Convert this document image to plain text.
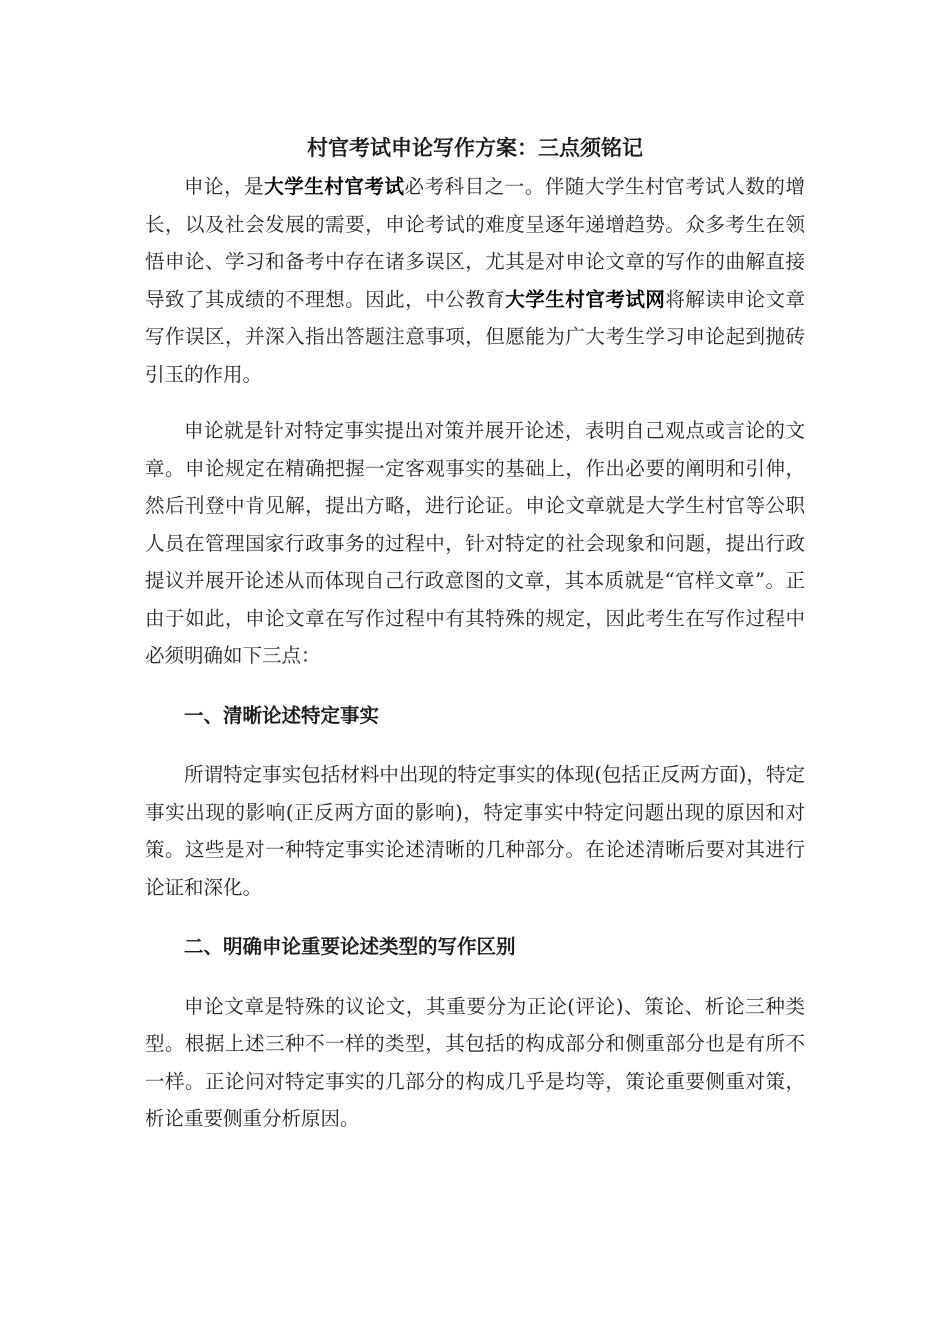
村官考试申论写作方案：三点须铭记

申论，是大学生村官考试必考科目之一。伴随大学生村官考试人数的增长，以及社会发展的需要，申论考试的难度呈逐年递增趋势。众多考生在领悟申论、学习和备考中存在诸多误区，尤其是对申论文章的写作的曲解直接导致了其成绩的不理想。因此，中公教育大学生村官考试网将解读申论文章写作误区，并深入指出答题注意事项，但愿能为广大考生学习申论起到抛砖引玉的作用。

申论就是针对特定事实提出对策并展开论述，表明自己观点或言论的文章。申论规定在精确把握一定客观事实的基础上，作出必要的阐明和引伸，然后刊登中肯见解，提出方略，进行论证。申论文章就是大学生村官等公职人员在管理国家行政事务的过程中，针对特定的社会现象和问题，提出行政提议并展开论述从而体现自己行政意图的文章，其本质就是“官样文章”。正由于如此，申论文章在写作过程中有其特殊的规定，因此考生在写作过程中必须明确如下三点：

一、清晰论述特定事实

所谓特定事实包括材料中出现的特定事实的体现(包括正反两方面)，特定事实出现的影响(正反两方面的影响)，特定事实中特定问题出现的原因和对策。这些是对一种特定事实论述清晰的几种部分。在论述清晰后要对其进行论证和深化。

二、明确申论重要论述类型的写作区别

申论文章是特殊的议论文，其重要分为正论(评论)、策论、析论三种类型。根据上述三种不一样的类型，其包括的构成部分和侧重部分也是有所不一样。正论问对特定事实的几部分的构成几乎是均等，策论重要侧重对策，析论重要侧重分析原因。
